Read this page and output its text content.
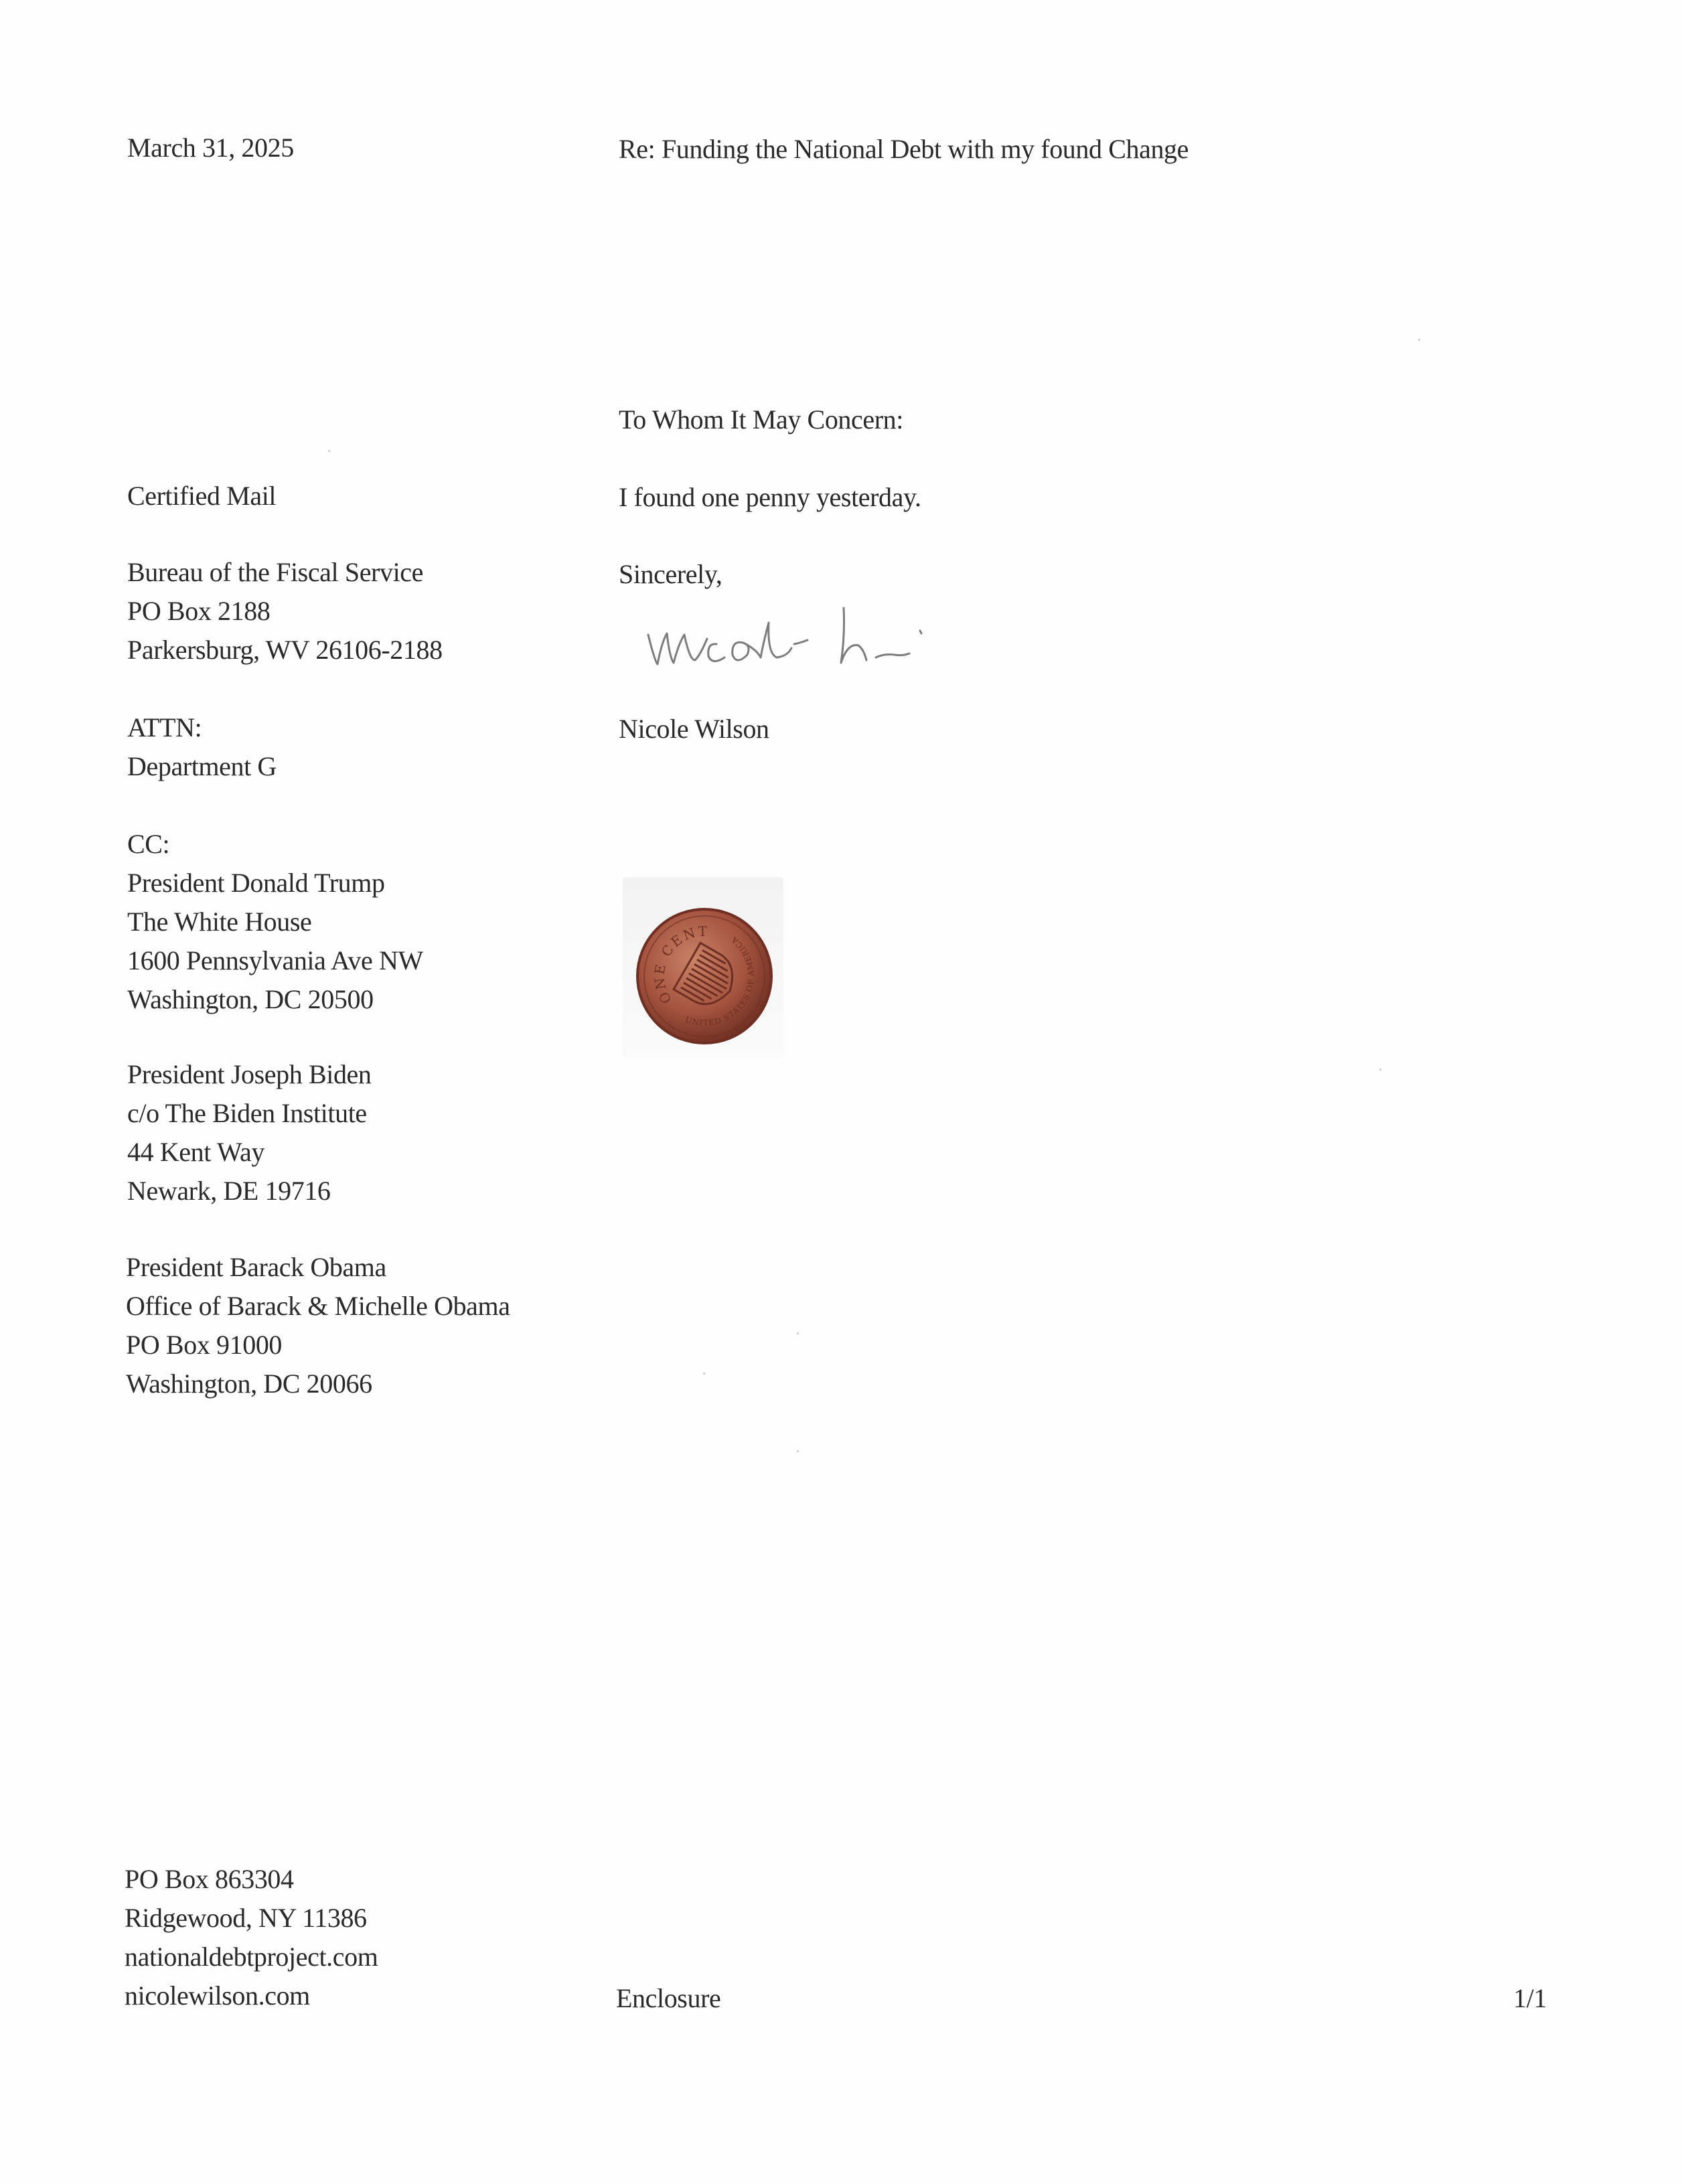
March 31, 2025	Re: Funding the National Debt with my found Change
To Whom It May Concern:
I found one penny yesterday.
Sincerely,
Nicole Wilson
Certified Mail
Bureau of the Fiscal Service
PO Box 2188
Parkersburg, WV 26106-2188
ATTN:
Department G
CC:
President Donald Trump
The White House
1600 Pennsylvania Ave NW
Washington, DC 20500
President Joseph Biden
c/o The Biden Institute
44 Kent Way
Newark, DE 19716
President Barack Obama
Office of Barack & Michelle Obama
PO Box 91000
Washington, DC 20066
ONE CENT
UNITED STATES OF AMERICA
PO Box 863304
Ridgewood, NY 11386
nationaldebtproject.com
nicolewilson.com	Enclosure	1/1
